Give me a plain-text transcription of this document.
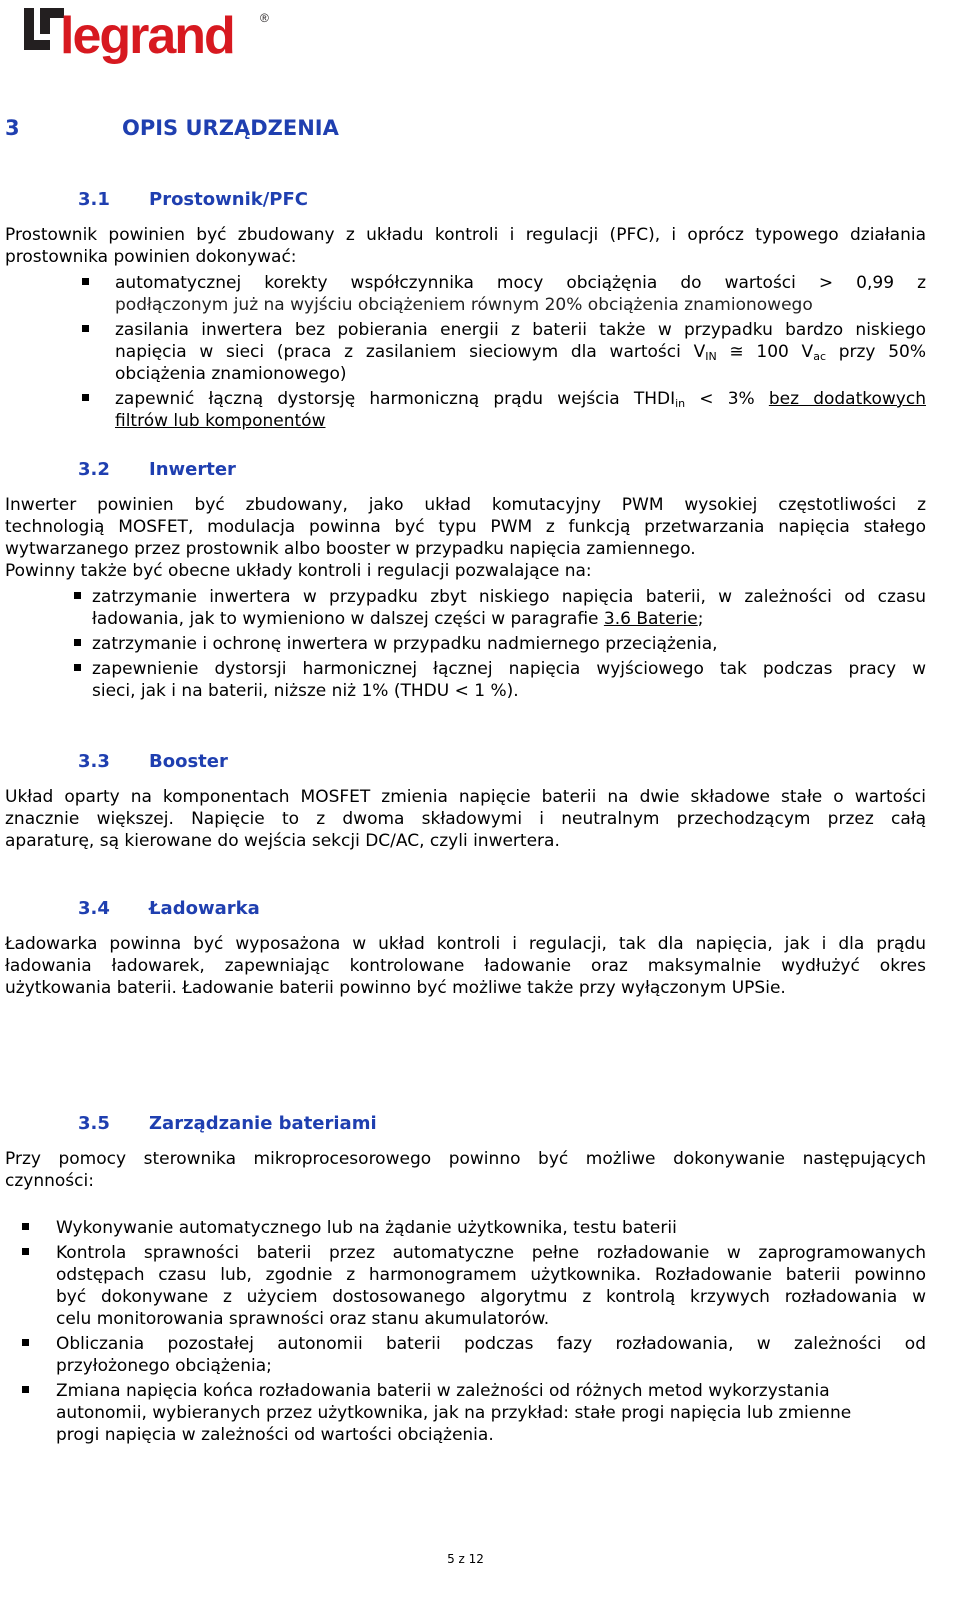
legrand ®
3	OPIS URZĄDZENIA
3.1 Prostownik/PFC
Prostownik powinien być zbudowany z układu kontroli i regulacji (PFC), i oprócz typowego działania
prostownika powinien dokonywać:
automatycznej korekty współczynnika mocy obciążęnia do wartości > 0,99 z
podłączonym już na wyjściu obciążeniem równym 20% obciążenia znamionowego
zasilania inwertera bez pobierania energii z baterii także w przypadku bardzo niskiego
napięcia w sieci (praca z zasilaniem sieciowym dla wartości $V_{IN}$ ≅ 100 $V_{ac}$ przy 50%
obciążenia znamionowego)
zapewnić łączną dystorsję harmoniczną prądu wejścia $THDI_{in} < 3\%$ bez dodatkowych
filtrów lub komponentów
3.2 Inwerter
Inwerter powinien być zbudowany, jako układ komutacyjny PWM wysokiej częstotliwości z
technologią MOSFET, modulacja powinna być typu PWM z funkcją przetwarzania napięcia stałego
wytwarzanego przez prostownik albo booster w przypadku napięcia zamiennego.
Powinny także być obecne układy kontroli i regulacji pozwalające na:
zatrzymanie inwertera w przypadku zbyt niskiego napięcia baterii, w zależności od czasu
ładowania, jak to wymieniono w dalszej części w paragrafie 3.6 Baterie;
zatrzymanie i ochronę inwertera w przypadku nadmiernego przeciążenia,
zapewnienie dystorsji harmonicznej łącznej napięcia wyjściowego tak podczas pracy w
sieci, jak i na baterii, niższe niż 1% (THDU < 1 %).
3.3 Booster
Układ oparty na komponentach MOSFET zmienia napięcie baterii na dwie składowe stałe o wartości
znacznie większej. Napięcie to z dwoma składowymi i neutralnym przechodzącym przez całą
aparaturę, są kierowane do wejścia sekcji DC/AC, czyli inwertera.
3.4 Ładowarka
Ładowarka powinna być wyposażona w układ kontroli i regulacji, tak dla napięcia, jak i dla prądu
ładowania ładowarek, zapewniając kontrolowane ładowanie oraz maksymalnie wydłużyć okres
użytkowania baterii. Ładowanie baterii powinno być możliwe także przy wyłączonym UPSie.
3.5 Zarządzanie bateriami
Przy pomocy sterownika mikroprocesorowego powinno być możliwe dokonywanie następujących
czynności:
Wykonywanie automatycznego lub na żądanie użytkownika, testu baterii
Kontrola sprawności baterii przez automatyczne pełne rozładowanie w zaprogramowanych
odstępach czasu lub, zgodnie z harmonogramem użytkownika. Rozładowanie baterii powinno
być dokonywane z użyciem dostosowanego algorytmu z kontrolą krzywych rozładowania w
celu monitorowania sprawności oraz stanu akumulatorów.
Obliczania pozostałej autonomii baterii podczas fazy rozładowania, w zależności od
przyłożonego obciążenia;
Zmiana napięcia końca rozładowania baterii w zależności od różnych metod wykorzystania
autonomii, wybieranych przez użytkownika, jak na przykład: stałe progi napięcia lub zmienne
progi napięcia w zależności od wartości obciążenia.
5 z 12
